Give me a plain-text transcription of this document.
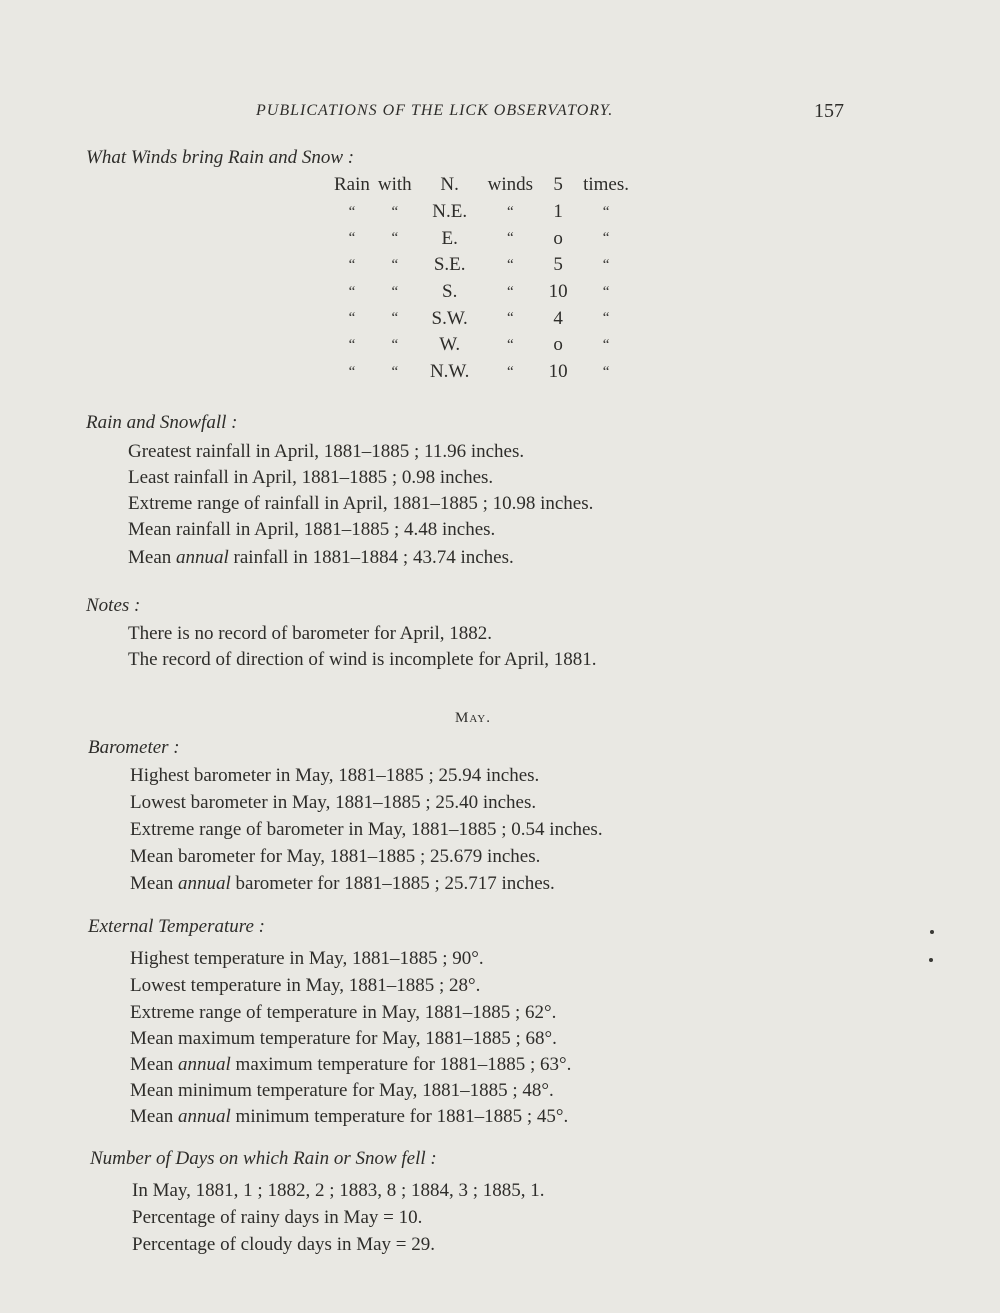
PUBLICATIONS OF THE LICK OBSERVATORY.	157
What Winds bring Rain and Snow :
Rain	with	N.	winds	5	times.
“	“	N.E.	“	1	“
“	“	E.	“	o	“
“	“	S.E.	“	5	“
“	“	S.	“	10	“
“	“	S.W.	“	4	“
“	“	W.	“	o	“
“	“	N.W.	“	10	“
Rain and Snowfall :
Greatest rainfall in April, 1881–1885 ; 11.96 inches.
Least rainfall in April, 1881–1885 ; 0.98 inches.
Extreme range of rainfall in April, 1881–1885 ; 10.98 inches.
Mean rainfall in April, 1881–1885 ; 4.48 inches.
Mean annual rainfall in 1881–1884 ; 43.74 inches.
Notes :
There is no record of barometer for April, 1882.
The record of direction of wind is incomplete for April, 1881.
May.
Barometer :
Highest barometer in May, 1881–1885 ; 25.94 inches.
Lowest barometer in May, 1881–1885 ; 25.40 inches.
Extreme range of barometer in May, 1881–1885 ; 0.54 inches.
Mean barometer for May, 1881–1885 ; 25.679 inches.
Mean annual barometer for 1881–1885 ; 25.717 inches.
External Temperature :
Highest temperature in May, 1881–1885 ; 90°.
Lowest temperature in May, 1881–1885 ; 28°.
Extreme range of temperature in May, 1881–1885 ; 62°.
Mean maximum temperature for May, 1881–1885 ; 68°.
Mean annual maximum temperature for 1881–1885 ; 63°.
Mean minimum temperature for May, 1881–1885 ; 48°.
Mean annual minimum temperature for 1881–1885 ; 45°.
Number of Days on which Rain or Snow fell :
In May, 1881, 1 ; 1882, 2 ; 1883, 8 ; 1884, 3 ; 1885, 1.
Percentage of rainy days in May = 10.
Percentage of cloudy days in May = 29.
